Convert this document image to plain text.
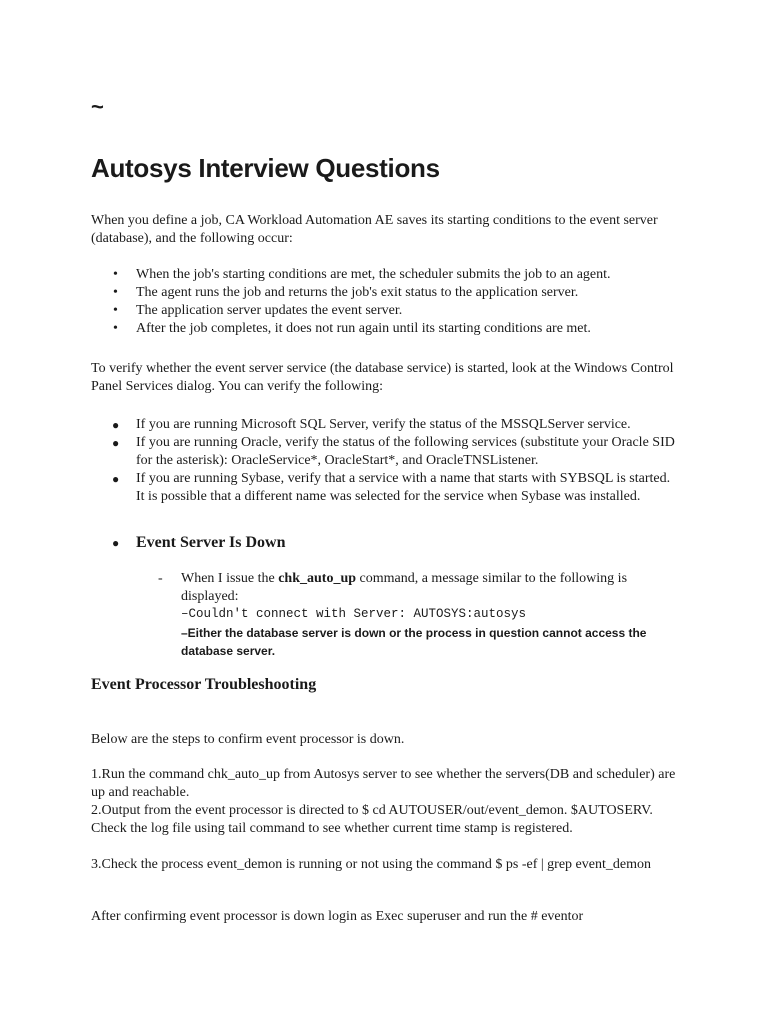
~
Autosys Interview Questions

When you define a job, CA Workload Automation AE saves its starting conditions to the event server (database), and the following occur:

• When the job's starting conditions are met, the scheduler submits the job to an agent.
• The agent runs the job and returns the job's exit status to the application server.
• The application server updates the event server.
• After the job completes, it does not run again until its starting conditions are met.

To verify whether the event server service (the database service) is started, look at the Windows Control Panel Services dialog. You can verify the following:

● If you are running Microsoft SQL Server, verify the status of the MSSQLServer service.
● If you are running Oracle, verify the status of the following services (substitute your Oracle SID for the asterisk): OracleService*, OracleStart*, and OracleTNSListener.
● If you are running Sybase, verify that a service with a name that starts with SYBSQL is started. It is possible that a different name was selected for the service when Sybase was installed.
● Event Server Is Down
- When I issue the chk_auto_up command, a message similar to the following is displayed:
–Couldn't connect with Server: AUTOSYS:autosys
–Either the database server is down or the process in question cannot access the database server.
Event Processor Troubleshooting

Below are the steps to confirm event processor is down.

1.Run the command chk_auto_up from Autosys server to see whether the servers(DB and scheduler) are up and reachable.

2.Output from the event processor is directed to $ cd AUTOUSER/out/event_demon. $AUTOSERV. Check the log file using tail command to see whether current time stamp is registered.

3.Check the process event_demon is running or not using the command $ ps -ef | grep event_demon

After confirming event processor is down login as Exec superuser and run the # eventor
